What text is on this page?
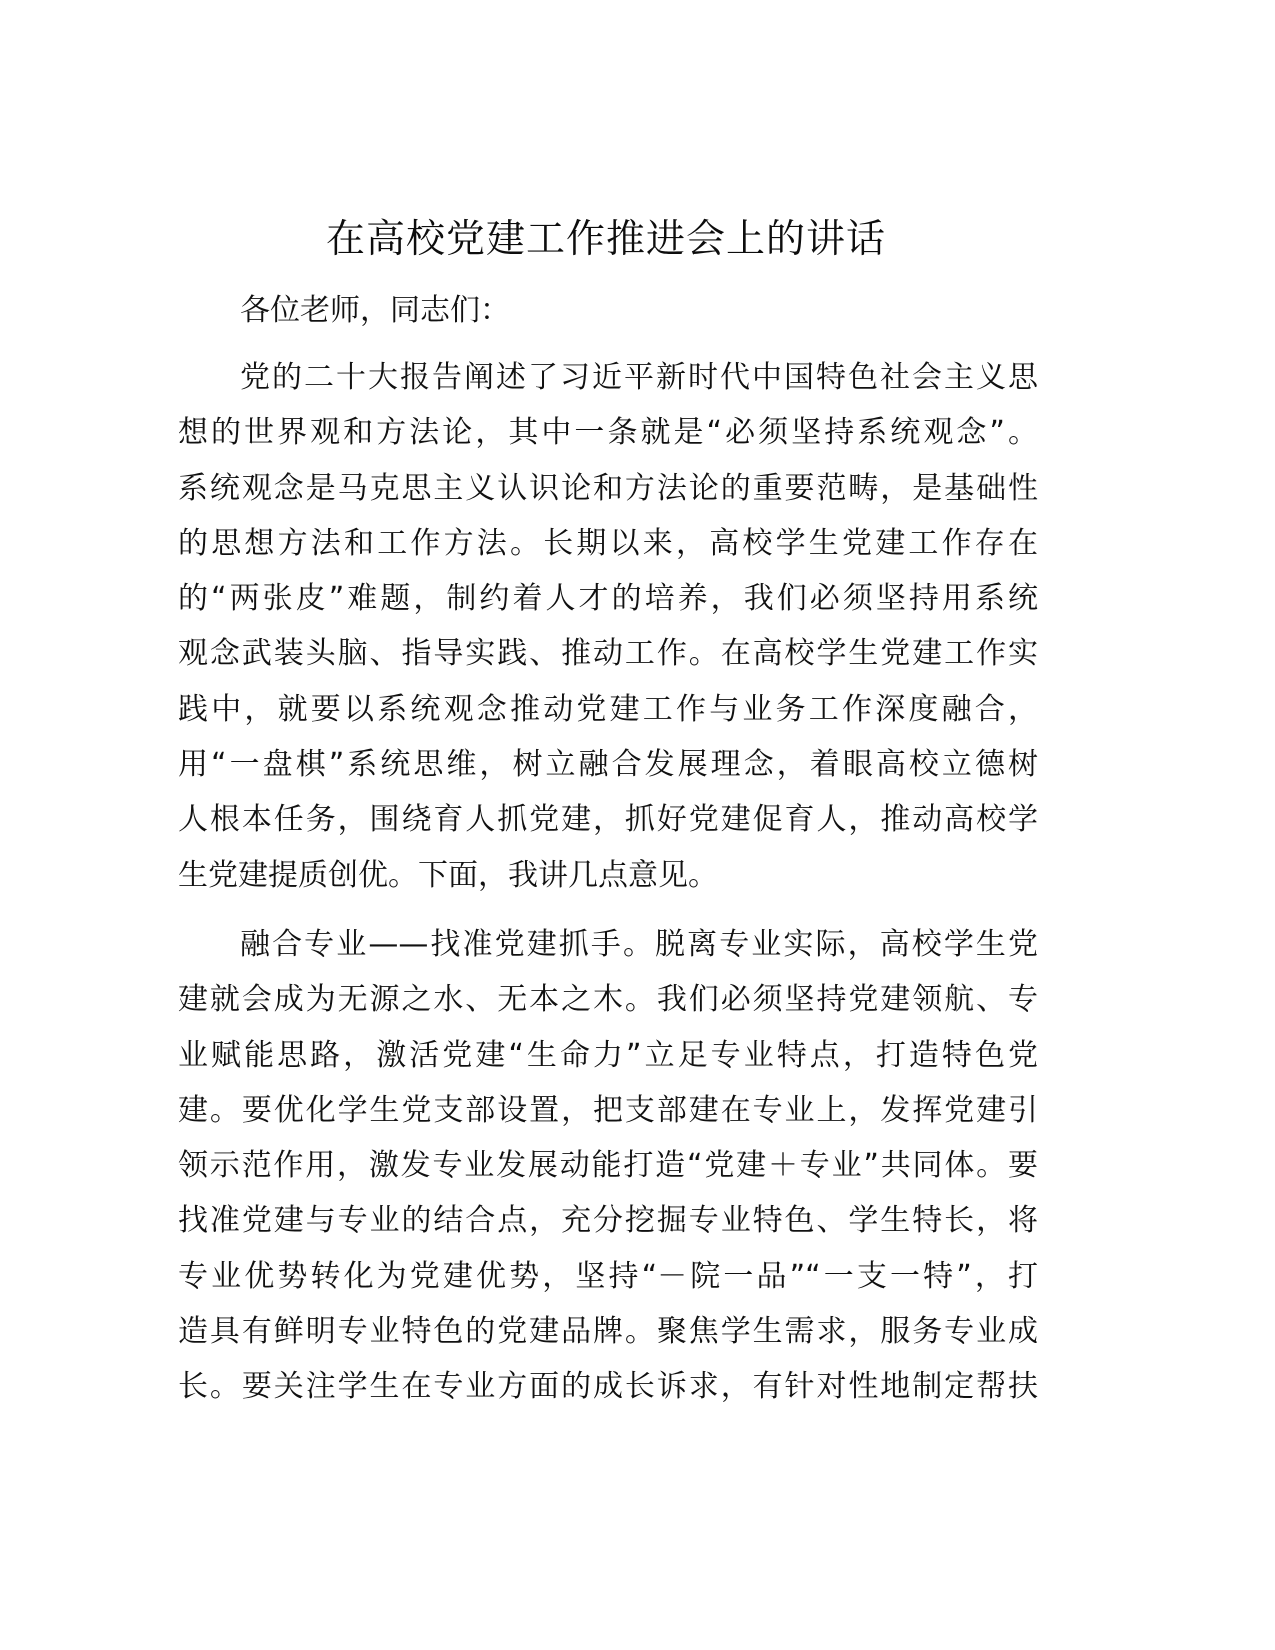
在高校党建工作推进会上的讲话
各位老师，同志们：
党的二十大报告阐述了习近平新时代中国特色社会主义思
想的世界观和方法论，其中一条就是“必须坚持系统观念”。
系统观念是马克思主义认识论和方法论的重要范畴，是基础性
的思想方法和工作方法。长期以来，高校学生党建工作存在
的“两张皮”难题，制约着人才的培养，我们必须坚持用系统
观念武装头脑、指导实践、推动工作。在高校学生党建工作实
践中，就要以系统观念推动党建工作与业务工作深度融合，
用“一盘棋”系统思维，树立融合发展理念，着眼高校立德树
人根本任务，围绕育人抓党建，抓好党建促育人，推动高校学
生党建提质创优。下面，我讲几点意见。
融合专业——找准党建抓手。脱离专业实际，高校学生党
建就会成为无源之水、无本之木。我们必须坚持党建领航、专
业赋能思路，激活党建“生命力”立足专业特点，打造特色党
建。要优化学生党支部设置，把支部建在专业上，发挥党建引
领示范作用，激发专业发展动能打造“党建＋专业”共同体。要
找准党建与专业的结合点，充分挖掘专业特色、学生特长，将
专业优势转化为党建优势，坚持“－院一品”“一支一特”，打
造具有鲜明专业特色的党建品牌。聚焦学生需求，服务专业成
长。要关注学生在专业方面的成长诉求，有针对性地制定帮扶
